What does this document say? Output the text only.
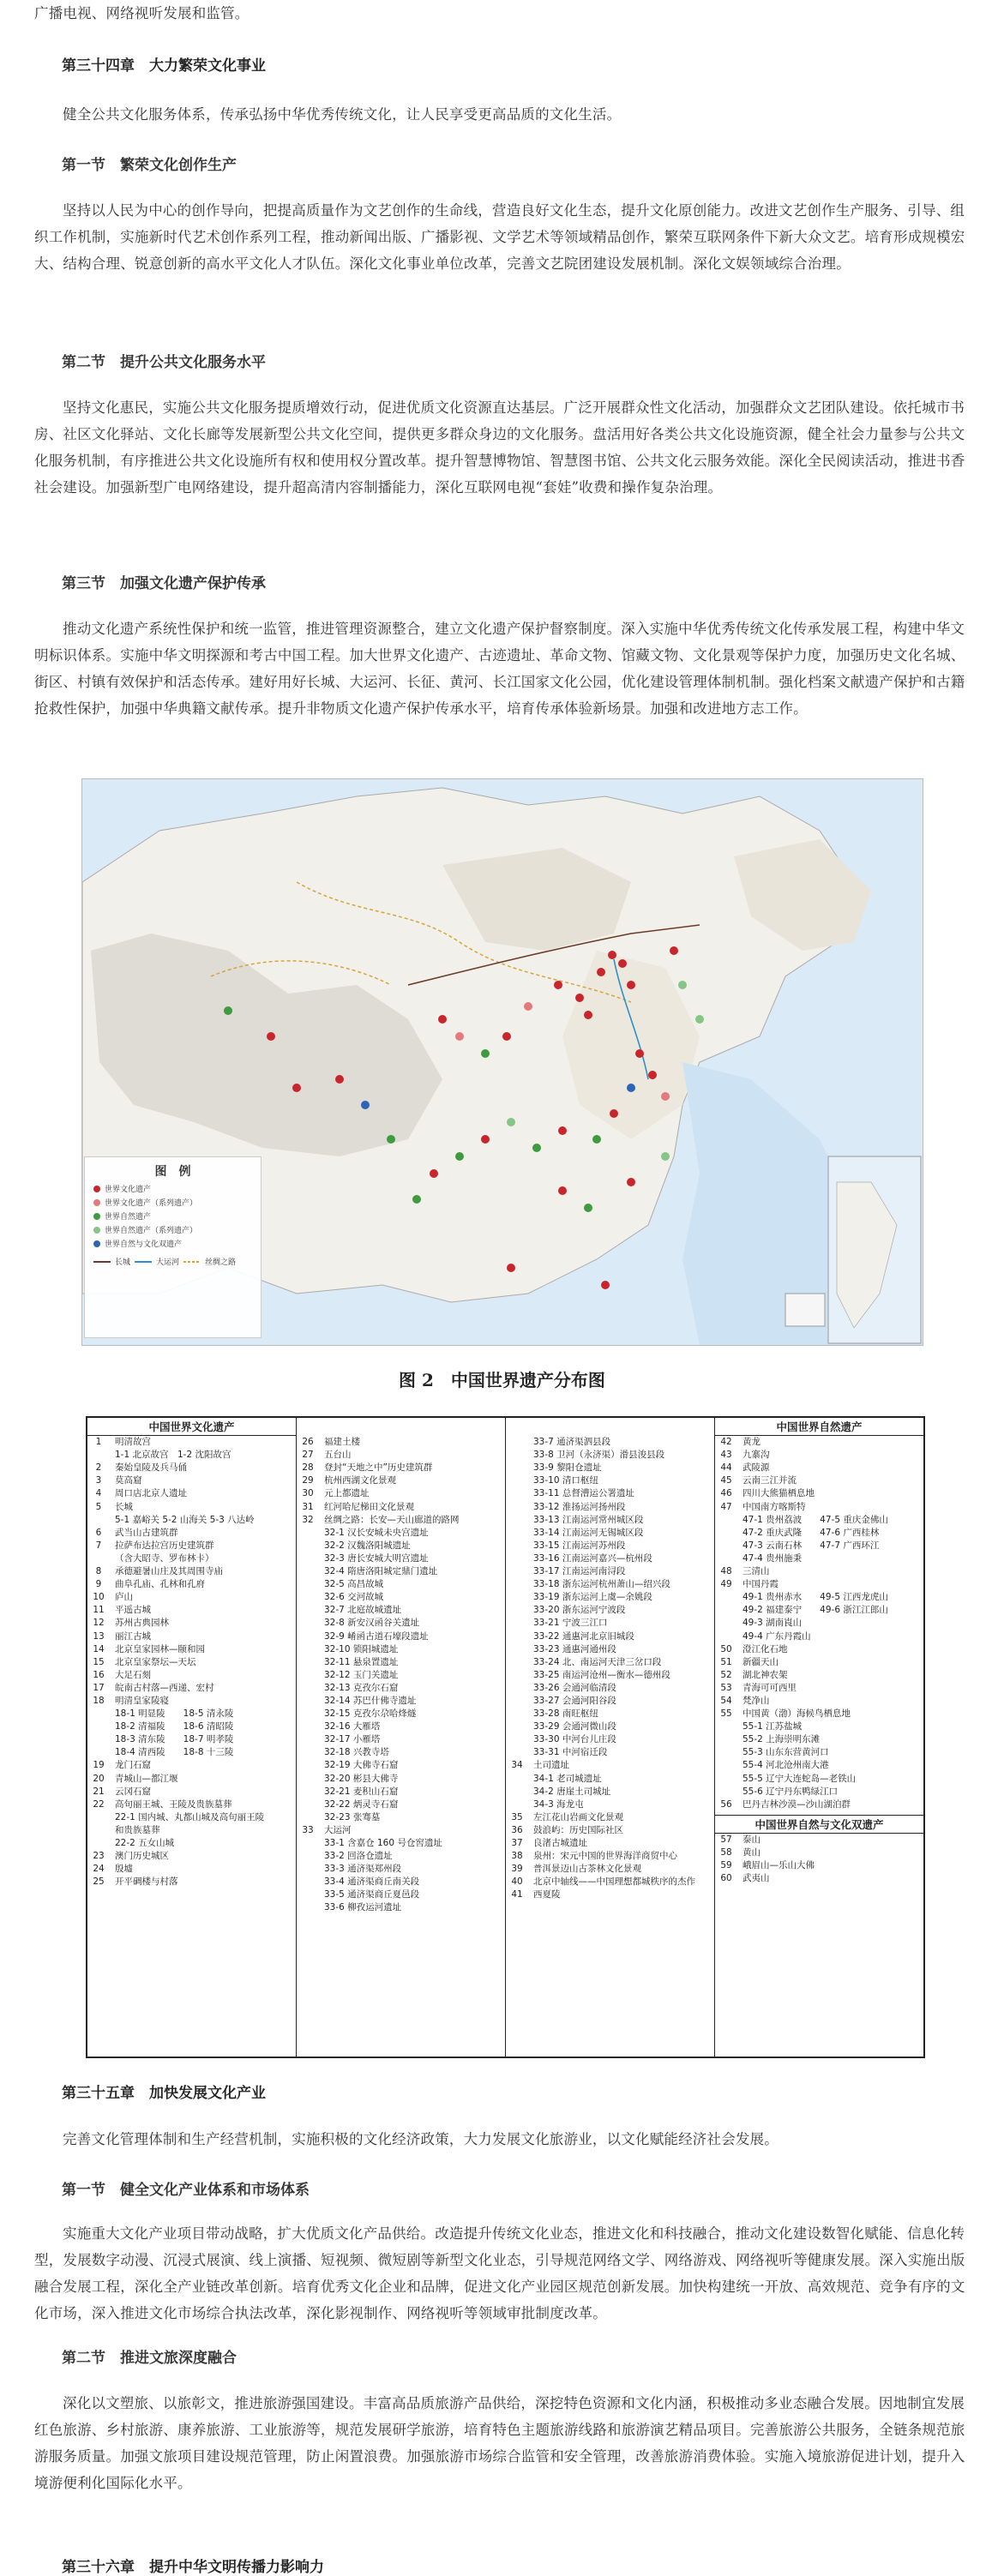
广播电视、网络视听发展和监管。

第三十四章　大力繁荣文化事业

健全公共文化服务体系，传承弘扬中华优秀传统文化，让人民享受更高品质的文化生活。

第一节　繁荣文化创作生产

坚持以人民为中心的创作导向，把提高质量作为文艺创作的生命线，营造良好文化生态，提升文化原创能力。改进文艺创作生产服务、引导、组织工作机制，实施新时代艺术创作系列工程，推动新闻出版、广播影视、文学艺术等领域精品创作，繁荣互联网条件下新大众文艺。培育形成规模宏大、结构合理、锐意创新的高水平文化人才队伍。深化文化事业单位改革，完善文艺院团建设发展机制。深化文娱领域综合治理。

第二节　提升公共文化服务水平

坚持文化惠民，实施公共文化服务提质增效行动，促进优质文化资源直达基层。广泛开展群众性文化活动，加强群众文艺团队建设。依托城市书房、社区文化驿站、文化长廊等发展新型公共文化空间，提供更多群众身边的文化服务。盘活用好各类公共文化设施资源，健全社会力量参与公共文化服务机制，有序推进公共文化设施所有权和使用权分置改革。提升智慧博物馆、智慧图书馆、公共文化云服务效能。深化全民阅读活动，推进书香社会建设。加强新型广电网络建设，提升超高清内容制播能力，深化互联网电视“套娃”收费和操作复杂治理。

第三节　加强文化遗产保护传承

推动文化遗产系统性保护和统一监管，推进管理资源整合，建立文化遗产保护督察制度。深入实施中华优秀传统文化传承发展工程，构建中华文明标识体系。实施中华文明探源和考古中国工程。加大世界文化遗产、古迹遗址、革命文物、馆藏文物、文化景观等保护力度，加强历史文化名城、街区、村镇有效保护和活态传承。建好用好长城、大运河、长征、黄河、长江国家文化公园，优化建设管理体制机制。强化档案文献遗产保护和古籍抢救性保护，加强中华典籍文献传承。提升非物质文化遗产保护传承水平，培育传承体验新场景。加强和改进地方志工作。

图　例
世界文化遗产
世界文化遗产（系列遗产）
世界自然遗产
世界自然遗产（系列遗产）
世界自然与文化双遗产
长城	大运河	丝绸之路
图 2　中国世界遗产分布图
中国世界文化遗产
1	明清故宫
1-1 北京故宫　1-2 沈阳故宫
2	秦始皇陵及兵马俑
3	莫高窟
4	周口店北京人遗址
5	长城
5-1 嘉峪关 5-2 山海关 5-3 八达岭
6	武当山古建筑群
7	拉萨布达拉宫历史建筑群
（含大昭寺、罗布林卡）
8	承德避暑山庄及其周围寺庙
9	曲阜孔庙、孔林和孔府
10	庐山
11	平遥古城
12	苏州古典园林
13	丽江古城
14	北京皇家园林—颐和园
15	北京皇家祭坛—天坛
16	大足石刻
17	皖南古村落—西递、宏村
18	明清皇家陵寝
18-1 明显陵　　18-5 清永陵
18-2 清福陵　　18-6 清昭陵
18-3 清东陵　　18-7 明孝陵
18-4 清西陵　　18-8 十三陵
19	龙门石窟
20	青城山—都江堰
21	云冈石窟
22	高句丽王城、王陵及贵族墓葬
22-1 国内城、丸都山城及高句丽王陵
和贵族墓葬
22-2 五女山城
23	澳门历史城区
24	殷墟
25	开平碉楼与村落
26	福建土楼
27	五台山
28	登封“天地之中”历史建筑群
29	杭州西湖文化景观
30	元上都遗址
31	红河哈尼梯田文化景观
32	丝绸之路：长安—天山廊道的路网
32-1 汉长安城未央宫遗址
32-2 汉魏洛阳城遗址
32-3 唐长安城大明宫遗址
32-4 隋唐洛阳城定鼎门遗址
32-5 高昌故城
32-6 交河故城
32-7 北庭故城遗址
32-8 新安汉函谷关遗址
32-9 崤函古道石壕段遗址
32-10 锁阳城遗址
32-11 悬泉置遗址
32-12 玉门关遗址
32-13 克孜尔石窟
32-14 苏巴什佛寺遗址
32-15 克孜尔尕哈烽燧
32-16 大雁塔
32-17 小雁塔
32-18 兴教寺塔
32-19 大佛寺石窟
32-20 彬县大佛寺
32-21 麦积山石窟
32-22 炳灵寺石窟
32-23 张骞墓
33	大运河
33-1 含嘉仓 160 号仓窖遗址
33-2 回洛仓遗址
33-3 通济渠郑州段
33-4 通济渠商丘南关段
33-5 通济渠商丘夏邑段
33-6 柳孜运河遗址
33-7 通济渠泗县段
33-8 卫河（永济渠）滑县浚县段
33-9 黎阳仓遗址
33-10 清口枢纽
33-11 总督漕运公署遗址
33-12 淮扬运河扬州段
33-13 江南运河常州城区段
33-14 江南运河无锡城区段
33-15 江南运河苏州段
33-16 江南运河嘉兴—杭州段
33-17 江南运河南浔段
33-18 浙东运河杭州萧山—绍兴段
33-19 浙东运河上虞—余姚段
33-20 浙东运河宁波段
33-21 宁波三江口
33-22 通惠河北京旧城段
33-23 通惠河通州段
33-24 北、南运河天津三岔口段
33-25 南运河沧州—衡水—德州段
33-26 会通河临清段
33-27 会通河阳谷段
33-28 南旺枢纽
33-29 会通河微山段
33-30 中河台儿庄段
33-31 中河宿迁段
34	土司遗址
34-1 老司城遗址
34-2 唐崖土司城址
34-3 海龙屯
35	左江花山岩画文化景观
36	鼓浪屿：历史国际社区
37	良渚古城遗址
38	泉州：宋元中国的世界海洋商贸中心
39	普洱景迈山古茶林文化景观
40	北京中轴线——中国理想都城秩序的杰作
41	西夏陵
中国世界自然遗产
42	黄龙
43	九寨沟
44	武陵源
45	云南三江并流
46	四川大熊猫栖息地
47	中国南方喀斯特
47-1 贵州荔波　　47-5 重庆金佛山
47-2 重庆武隆　　47-6 广西桂林
47-3 云南石林　　47-7 广西环江
47-4 贵州施秉
48	三清山
49	中国丹霞
49-1 贵州赤水　　49-5 江西龙虎山
49-2 福建泰宁　　49-6 浙江江郎山
49-3 湖南崀山
49-4 广东丹霞山
50	澄江化石地
51	新疆天山
52	湖北神农架
53	青海可可西里
54	梵净山
55	中国黄（渤）海候鸟栖息地
55-1 江苏盐城
55-2 上海崇明东滩
55-3 山东东营黄河口
55-4 河北沧州南大港
55-5 辽宁大连蛇岛—老铁山
55-6 辽宁丹东鸭绿江口
56	巴丹吉林沙漠—沙山湖泊群
中国世界自然与文化双遗产
57	泰山
58	黄山
59	峨眉山—乐山大佛
60	武夷山
第三十五章　加快发展文化产业

完善文化管理体制和生产经营机制，实施积极的文化经济政策，大力发展文化旅游业，以文化赋能经济社会发展。

第一节　健全文化产业体系和市场体系

实施重大文化产业项目带动战略，扩大优质文化产品供给。改造提升传统文化业态，推进文化和科技融合，推动文化建设数智化赋能、信息化转型，发展数字动漫、沉浸式展演、线上演播、短视频、微短剧等新型文化业态，引导规范网络文学、网络游戏、网络视听等健康发展。深入实施出版融合发展工程，深化全产业链改革创新。培育优秀文化企业和品牌，促进文化产业园区规范创新发展。加快构建统一开放、高效规范、竞争有序的文化市场，深入推进文化市场综合执法改革，深化影视制作、网络视听等领域审批制度改革。

第二节　推进文旅深度融合

深化以文塑旅、以旅彰文，推进旅游强国建设。丰富高品质旅游产品供给，深挖特色资源和文化内涵，积极推动多业态融合发展。因地制宜发展红色旅游、乡村旅游、康养旅游、工业旅游等，规范发展研学旅游，培育特色主题旅游线路和旅游演艺精品项目。完善旅游公共服务，全链条规范旅游服务质量。加强文旅项目建设规范管理，防止闲置浪费。加强旅游市场综合监管和安全管理，改善旅游消费体验。实施入境旅游促进计划，提升入境游便利化国际化水平。

第三十六章　提升中华文明传播力影响力
